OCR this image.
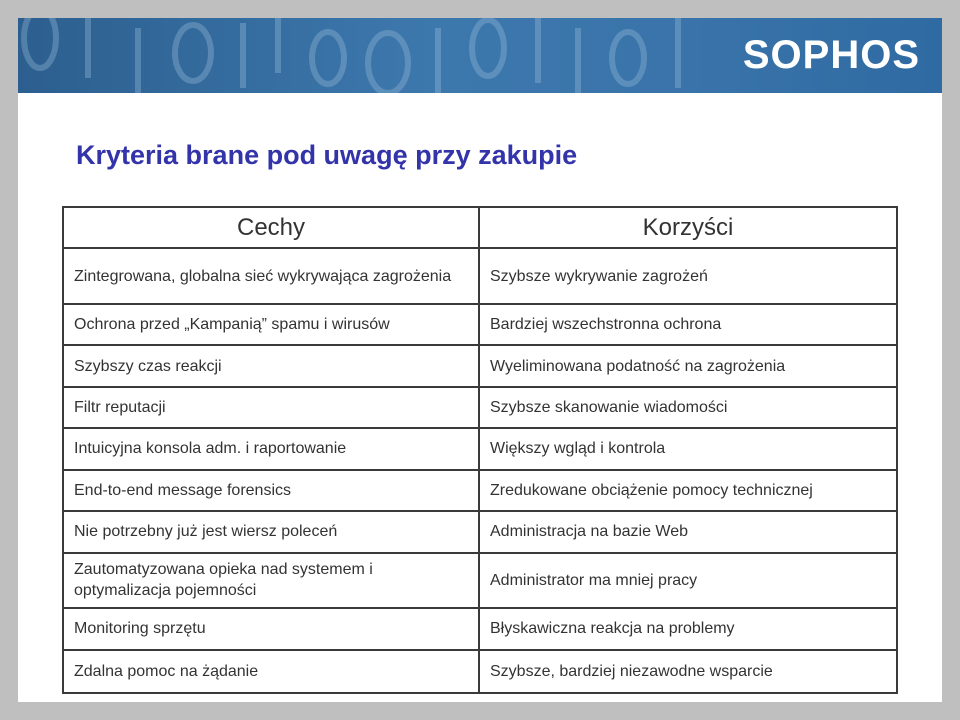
SOPHOS
Kryteria brane pod uwagę przy zakupie
Cechy
Zintegrowana, globalna sieć wykrywająca zagrożenia
Ochrona przed „Kampanią” spamu i wirusów
Szybszy czas reakcji
Filtr reputacji
Intuicyjna konsola adm. i raportowanie
End-to-end message forensics
Nie potrzebny już jest wiersz poleceń
Zautomatyzowana opieka nad systemem i optymalizacja pojemności
Monitoring sprzętu
Zdalna pomoc na żądanie
Korzyści
Szybsze wykrywanie zagrożeń
Bardziej wszechstronna ochrona
Wyeliminowana podatność na zagrożenia
Szybsze skanowanie wiadomości
Większy wgląd i kontrola
Zredukowane obciążenie pomocy technicznej
Administracja na bazie Web
Administrator ma mniej pracy
Błyskawiczna reakcja na problemy
Szybsze, bardziej niezawodne wsparcie
